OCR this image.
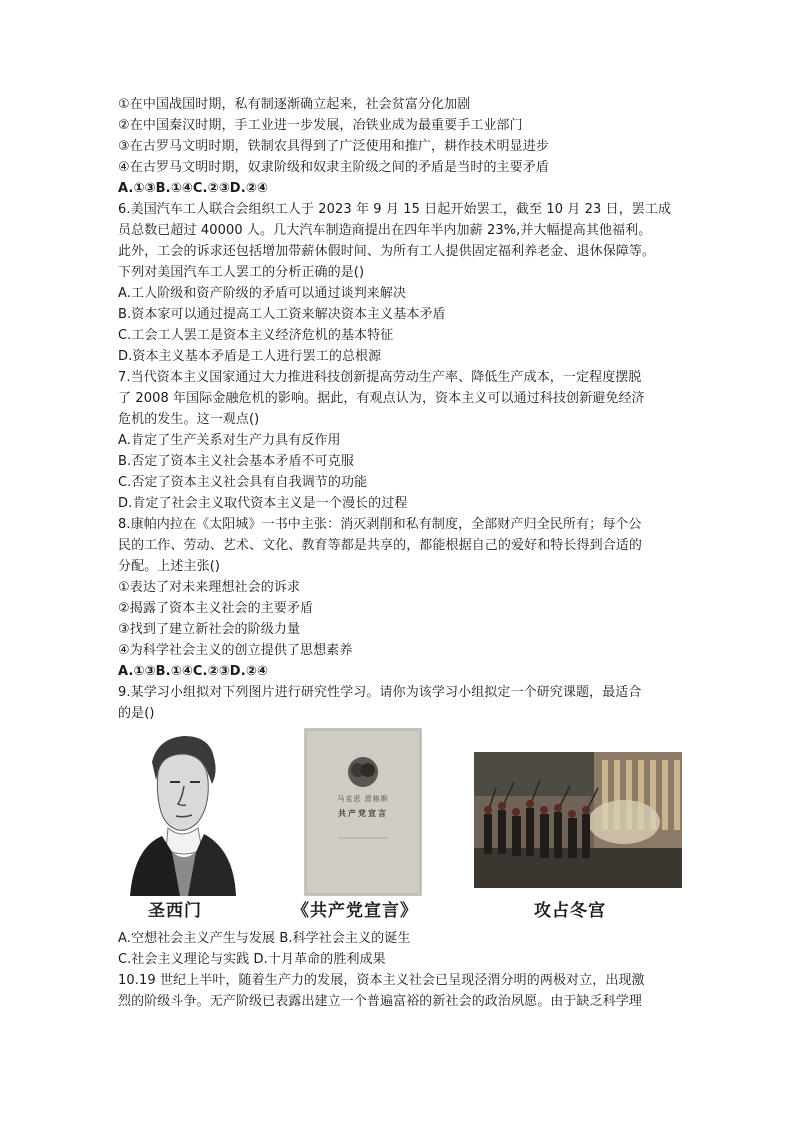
①在中国战国时期，私有制逐渐确立起来，社会贫富分化加剧
②在中国秦汉时期，手工业进一步发展，冶铁业成为最重要手工业部门
③在古罗马文明时期，铁制农具得到了广泛使用和推广，耕作技术明显进步
④在古罗马文明时期，奴隶阶级和奴隶主阶级之间的矛盾是当时的主要矛盾
A.①③B.①④C.②③D.②④
6.美国汽车工人联合会组织工人于 2023 年 9 月 15 日起开始罢工，截至 10 月 23 日，罢工成
员总数已超过 40000 人。几大汽车制造商提出在四年半内加薪 23%,并大幅提高其他福利。
此外，工会的诉求还包括增加带薪休假时间、为所有工人提供固定福利养老金、退休保障等。
下列对美国汽车工人罢工的分析正确的是()
A.工人阶级和资产阶级的矛盾可以通过谈判来解决
B.资本家可以通过提高工人工资来解决资本主义基本矛盾
C.工会工人罢工是资本主义经济危机的基本特征
D.资本主义基本矛盾是工人进行罢工的总根源
7.当代资本主义国家通过大力推进科技创新提高劳动生产率、降低生产成本，一定程度摆脱
了 2008 年国际金融危机的影响。据此，有观点认为，资本主义可以通过科技创新避免经济
危机的发生。这一观点()
A.肯定了生产关系对生产力具有反作用
B.否定了资本主义社会基本矛盾不可克服
C.否定了资本主义社会具有自我调节的功能
D.肯定了社会主义取代资本主义是一个漫长的过程
8.康帕内拉在《太阳城》一书中主张：消灭剥削和私有制度，全部财产归全民所有；每个公
民的工作、劳动、艺术、文化、教育等都是共享的，都能根据自己的爱好和特长得到合适的
分配。上述主张()
①表达了对未来理想社会的诉求
②揭露了资本主义社会的主要矛盾
③找到了建立新社会的阶级力量
④为科学社会主义的创立提供了思想素养
A.①③B.①④C.②③D.②④
9.某学习小组拟对下列图片进行研究性学习。请你为该学习小组拟定一个研究课题，最适合
的是()
圣西门
马克思 恩格斯
共产党宣言
《共产党宣言》	攻占冬宫
A.空想社会主义产生与发展 B.科学社会主义的诞生
C.社会主义理论与实践 D.十月革命的胜利成果
10.19 世纪上半叶，随着生产力的发展，资本主义社会已呈现泾渭分明的两极对立，出现激
烈的阶级斗争。无产阶级已表露出建立一个普遍富裕的新社会的政治夙愿。由于缺乏科学理
